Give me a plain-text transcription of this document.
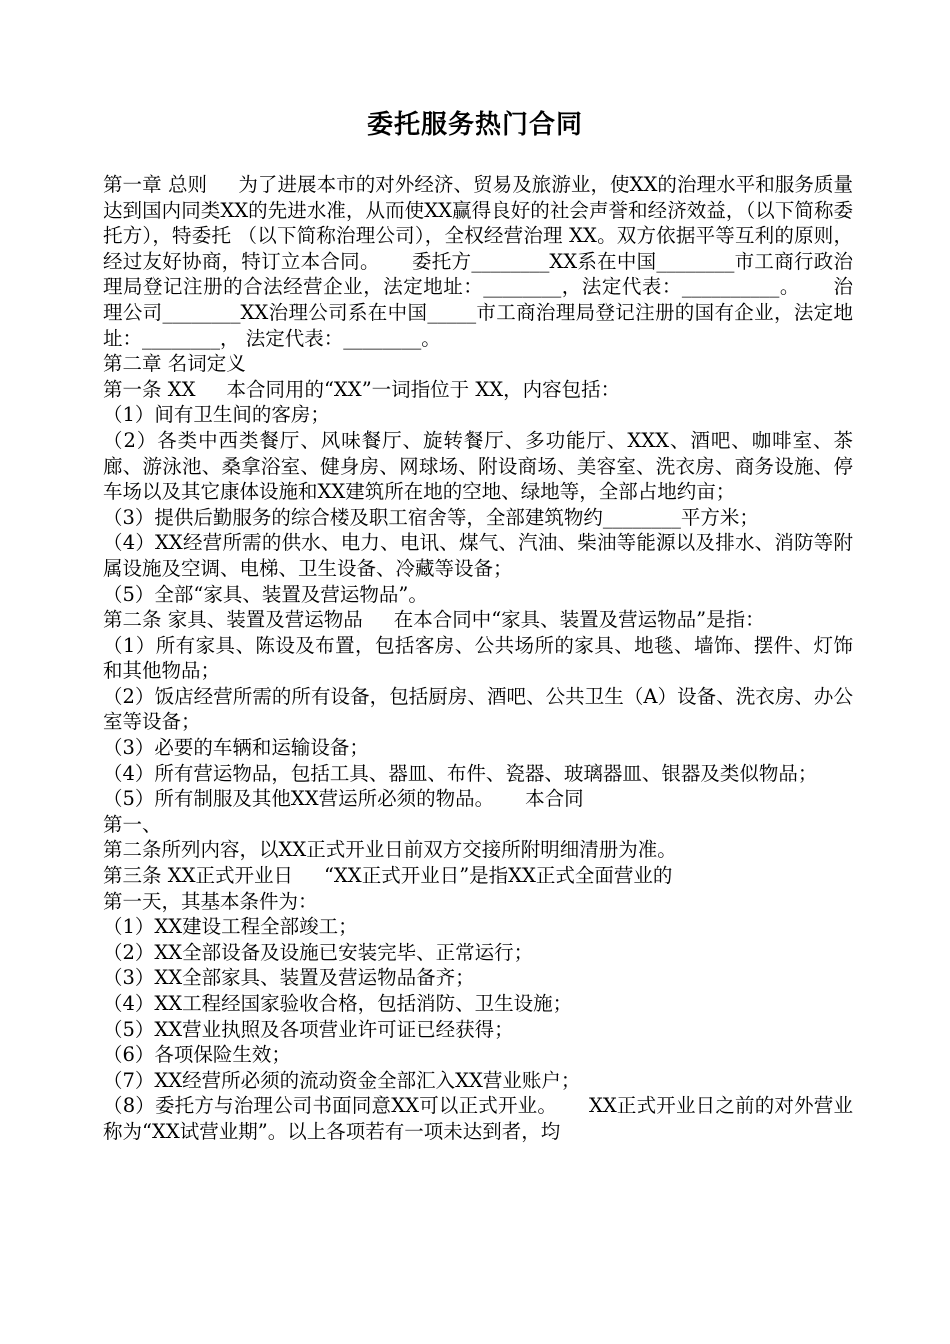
委托服务热门合同

第一章 总则     为了进展本市的对外经济、贸易及旅游业，使XX的治理水平和服务质量达到国内同类XX的先进水准，从而使XX赢得良好的社会声誉和经济效益，（以下简称委托方），特委托 （以下简称治理公司），全权经营治理 XX。双方依据平等互利的原则，经过友好协商，特订立本合同。     委托方________XX系在中国________市工商行政治理局登记注册的合法经营企业，法定地址：________，法定代表：__________。     治理公司________XX治理公司系在中国_____市工商治理局登记注册的国有企业，法定地址：________， 法定代表：________。

第二章 名词定义

第一条 XX     本合同用的“XX”一词指位于 XX，内容包括：

（1）间有卫生间的客房；

（2）各类中西类餐厅、风味餐厅、旋转餐厅、多功能厅、XXX、酒吧、咖啡室、茶廊、游泳池、桑拿浴室、健身房、网球场、附设商场、美容室、洗衣房、商务设施、停车场以及其它康体设施和XX建筑所在地的空地、绿地等，全部占地约亩；

（3）提供后勤服务的综合楼及职工宿舍等，全部建筑物约________平方米；

（4）XX经营所需的供水、电力、电讯、煤气、汽油、柴油等能源以及排水、消防等附属设施及空调、电梯、卫生设备、冷藏等设备；

（5）全部“家具、装置及营运物品”。

第二条 家具、装置及营运物品     在本合同中“家具、装置及营运物品”是指：

（1）所有家具、陈设及布置，包括客房、公共场所的家具、地毯、墙饰、摆件、灯饰和其他物品；

（2）饭店经营所需的所有设备，包括厨房、酒吧、公共卫生（A）设备、洗衣房、办公室等设备；

（3）必要的车辆和运输设备；

（4）所有营运物品，包括工具、器皿、布件、瓷器、玻璃器皿、银器及类似物品；

（5）所有制服及其他XX营运所必须的物品。     本合同

第一、

第二条所列内容，以XX正式开业日前双方交接所附明细清册为准。

第三条 XX正式开业日     “XX正式开业日”是指XX正式全面营业的

第一天，其基本条件为：

（1）XX建设工程全部竣工；

（2）XX全部设备及设施已安装完毕、正常运行；

（3）XX全部家具、装置及营运物品备齐；

（4）XX工程经国家验收合格，包括消防、卫生设施；

（5）XX营业执照及各项营业许可证已经获得；

（6）各项保险生效；

（7）XX经营所必须的流动资金全部汇入XX营业账户；

（8）委托方与治理公司书面同意XX可以正式开业。     XX正式开业日之前的对外营业称为“XX试营业期”。以上各项若有一项未达到者，均
